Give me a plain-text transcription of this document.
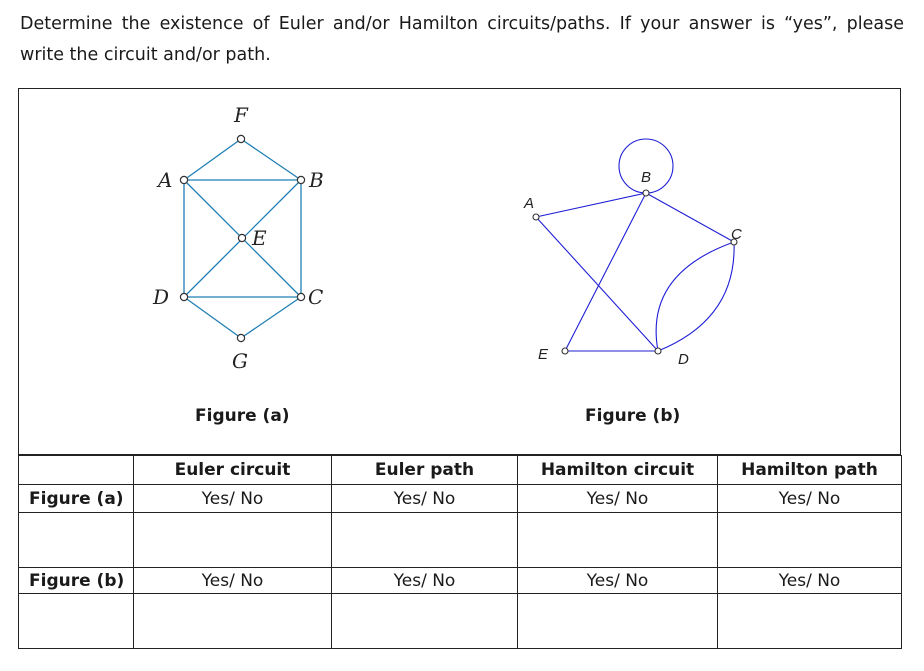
Determine the existence of Euler and/or Hamilton circuits/paths. If your answer is “yes”, please write the circuit and/or path.
F
A	B
E
D	C
G
B
A
C
E	D
Figure (a)	Figure (b)
	Euler circuit	Euler path	Hamilton circuit	Hamilton path
Figure (a)	Yes/ No	Yes/ No	Yes/ No	Yes/ No

Figure (b)	Yes/ No	Yes/ No	Yes/ No	Yes/ No
